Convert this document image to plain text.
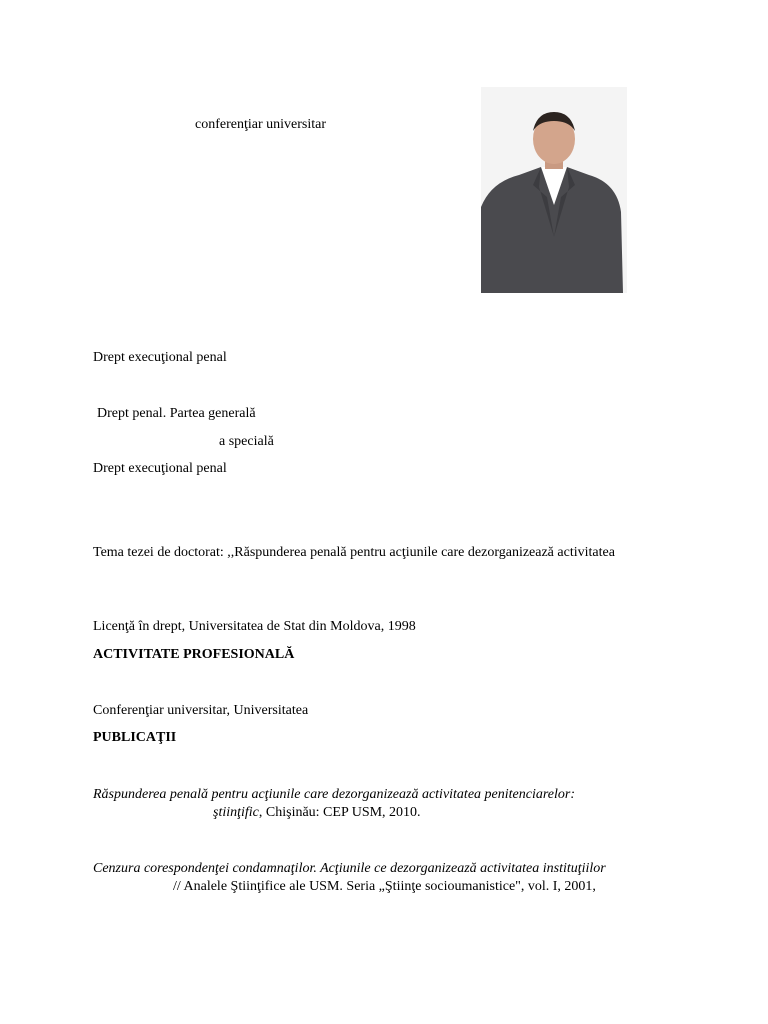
conferenţiar universitar
Drept execuţional penal
Drept penal. Partea generală
a specială
Drept execuţional penal
Tema tezei de doctorat: ,,Răspunderea penală pentru acţiunile care dezorganizează activitatea
Licenţă în drept, Universitatea de Stat din Moldova, 1998
ACTIVITATE PROFESIONALĂ
Conferenţiar universitar, Universitatea
PUBLICAŢII
Răspunderea penală pentru acţiunile care dezorganizează activitatea penitenciarelor:
ştiinţific, Chişinău: CEP USM, 2010.
Cenzura corespondenţei condamnaţilor. Acţiunile ce dezorganizează activitatea instituţiilor
// Analele Ştiinţifice ale USM. Seria „Ştiinţe socioumanistice", vol. I, 2001,
